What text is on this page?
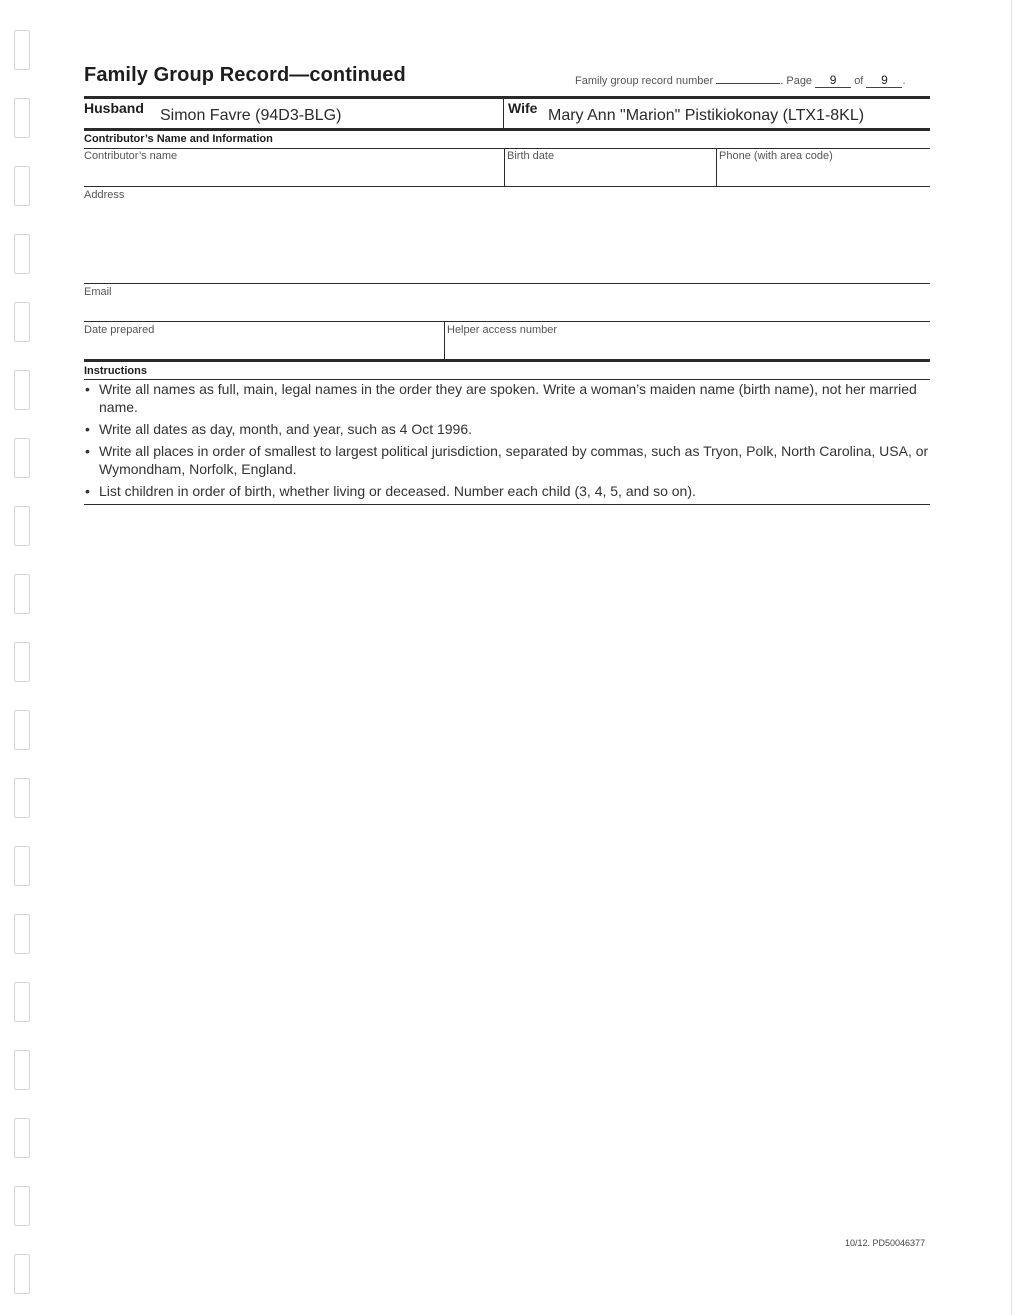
Family Group Record—continued	Family group record number	. Page 9 of 9 .
Husband Simon Favre (94D3-BLG)	Wife Mary Ann "Marion" Pistikiokonay (LTX1-8KL)
Contributor’s Name and Information
Contributor’s name	Birth date	Phone (with area code)
Address
Email
Date prepared	Helper access number
Instructions
• Write all names as full, main, legal names in the order they are spoken. Write a woman’s maiden name (birth name), not her married name.
• Write all dates as day, month, and year, such as 4 Oct 1996.
• Write all places in order of smallest to largest political jurisdiction, separated by commas, such as Tryon, Polk, North Carolina, USA, or Wymondham, Norfolk, England.
• List children in order of birth, whether living or deceased. Number each child (3, 4, 5, and so on).
10/12. PD50046377
